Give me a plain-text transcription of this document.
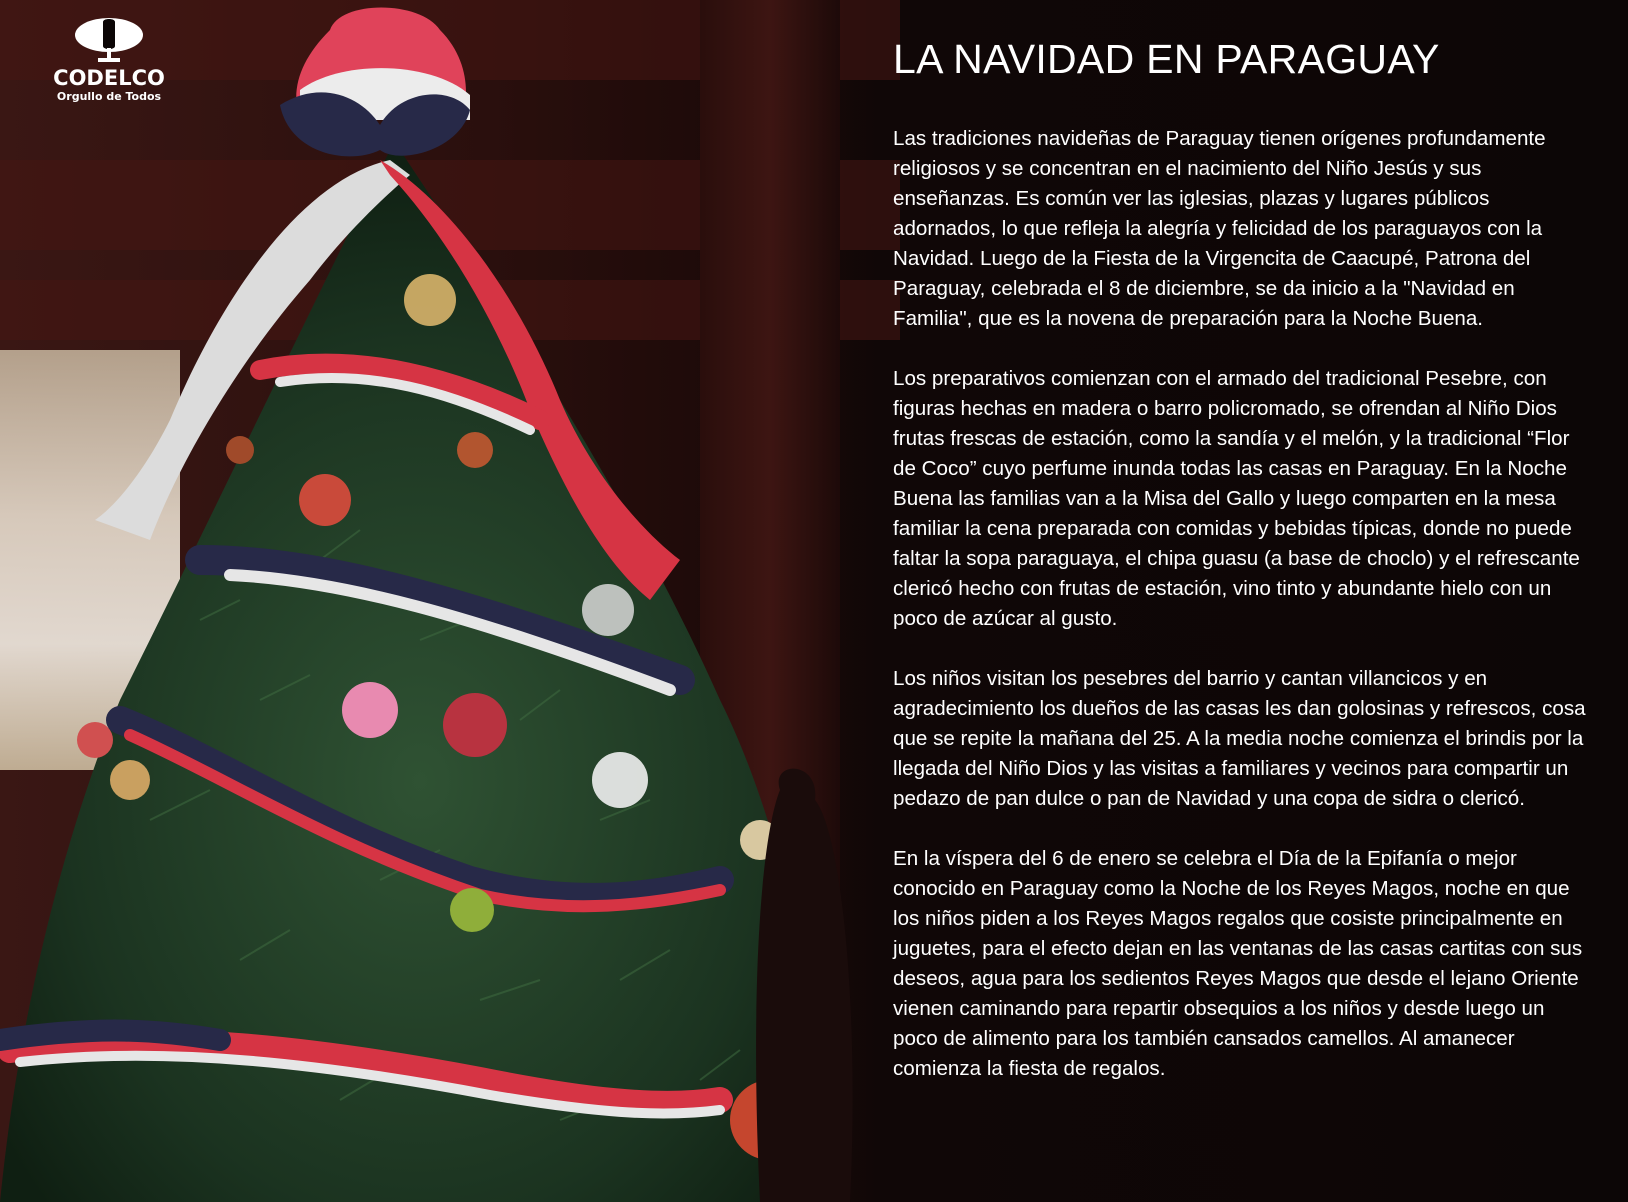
CODELCO
Orgullo de Todos
LA NAVIDAD EN PARAGUAY

Las tradiciones navideñas de Paraguay tienen orígenes profundamente religiosos y se concentran en el nacimiento del Niño Jesús y sus enseñanzas. Es común ver las iglesias, plazas y lugares públicos adornados, lo que refleja la alegría y felicidad de los paraguayos con la Navidad. Luego de la Fiesta de la Virgencita de Caacupé, Patrona del Paraguay, celebrada el 8 de diciembre, se da inicio a la "Navidad en Familia", que es la novena de preparación para la Noche Buena.

Los preparativos comienzan con el armado del tradicional Pesebre, con figuras hechas en madera o barro policromado, se ofrendan al Niño Dios frutas frescas de estación, como la sandía y el melón, y la tradicional “Flor de Coco” cuyo perfume inunda todas las casas en Paraguay. En la Noche Buena las familias van a la Misa del Gallo y luego comparten en la mesa familiar la cena preparada con comidas y bebidas típicas, donde no puede faltar la sopa paraguaya, el chipa guasu (a base de choclo) y el refrescante clericó hecho con frutas de estación, vino tinto y abundante hielo con un poco de azúcar al gusto.

Los niños visitan los pesebres del barrio y cantan villancicos y en agradecimiento los dueños de las casas les dan golosinas y refrescos, cosa que se repite la mañana del 25. A la media noche comienza el brindis por la llegada del Niño Dios y las visitas a familiares y vecinos para compartir un pedazo de pan dulce o pan de Navidad y una copa de sidra o clericó.

En la víspera del 6 de enero se celebra el Día de la Epifanía o mejor conocido en Paraguay como la Noche de los Reyes Magos, noche en que los niños piden a los Reyes Magos regalos que cosiste principalmente en juguetes, para el efecto dejan en las ventanas de las casas cartitas con sus deseos, agua para los sedientos Reyes Magos que desde el lejano Oriente vienen caminando para repartir obsequios a los niños y desde luego un poco de alimento para los también cansados camellos. Al amanecer comienza la fiesta de regalos.
